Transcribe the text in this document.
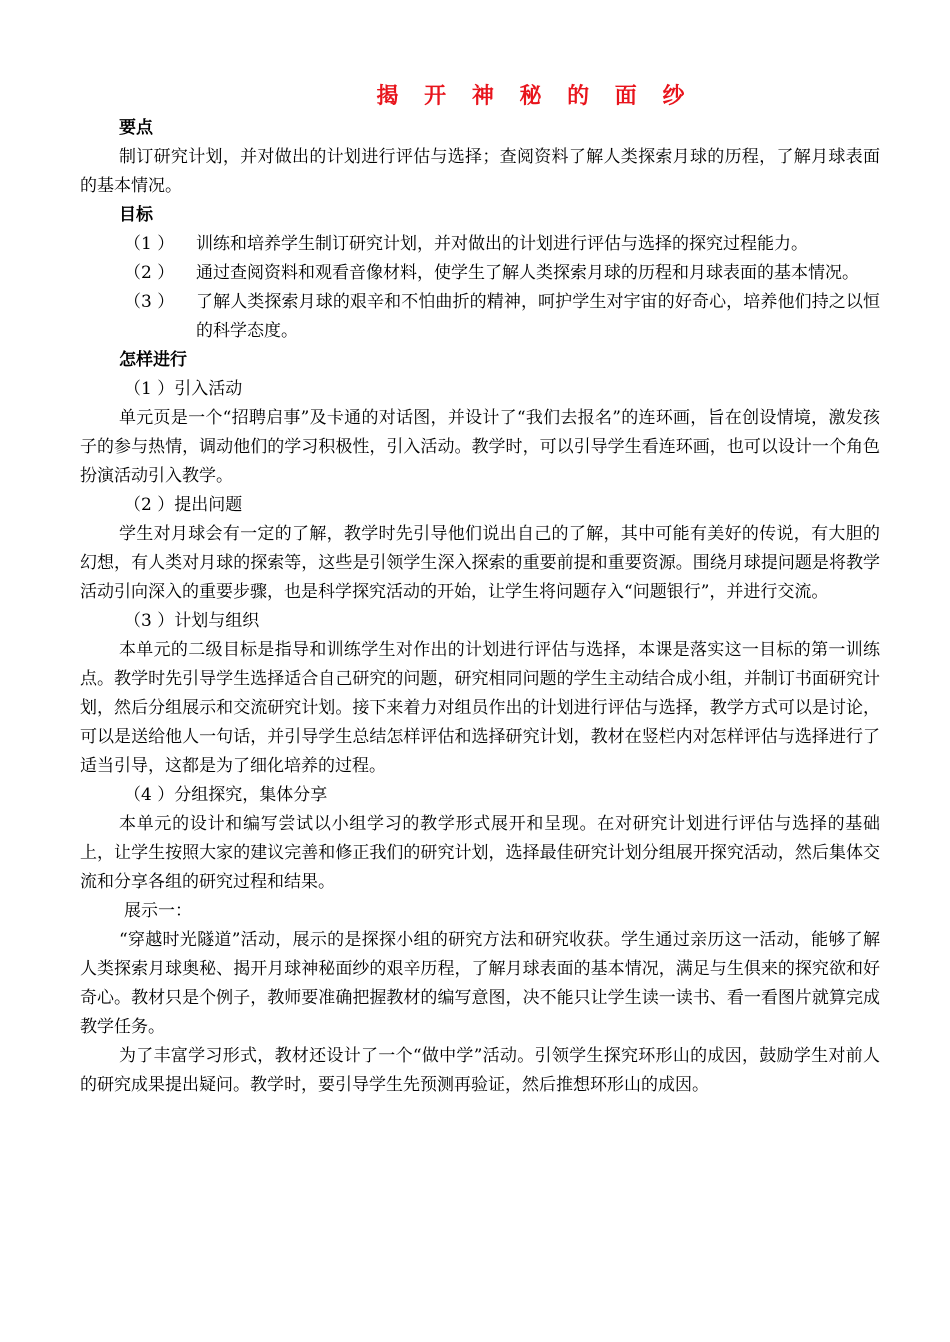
揭 开 神 秘 的 面 纱
要点

制订研究计划，并对做出的计划进行评估与选择；查阅资料了解人类探索月球的历程，了解月球表面的基本情况。

目标
（1 ）	训练和培养学生制订研究计划，并对做出的计划进行评估与选择的探究过程能力。
（2 ）	通过查阅资料和观看音像材料，使学生了解人类探索月球的历程和月球表面的基本情况。
（3 ）	了解人类探索月球的艰辛和不怕曲折的精神，呵护学生对宇宙的好奇心，培养他们持之以恒的科学态度。
怎样进行
（1 ）引入活动

单元页是一个“招聘启事”及卡通的对话图，并设计了“我们去报名”的连环画，旨在创设情境，激发孩子的参与热情，调动他们的学习积极性，引入活动。教学时，可以引导学生看连环画，也可以设计一个角色扮演活动引入教学。

（2 ）提出问题

学生对月球会有一定的了解，教学时先引导他们说出自己的了解，其中可能有美好的传说，有大胆的幻想，有人类对月球的探索等，这些是引领学生深入探索的重要前提和重要资源。围绕月球提问题是将教学活动引向深入的重要步骤，也是科学探究活动的开始，让学生将问题存入“问题银行”，并进行交流。

（3 ）计划与组织

本单元的二级目标是指导和训练学生对作出的计划进行评估与选择，本课是落实这一目标的第一训练点。教学时先引导学生选择适合自己研究的问题，研究相同问题的学生主动结合成小组，并制订书面研究计划，然后分组展示和交流研究计划。接下来着力对组员作出的计划进行评估与选择，教学方式可以是讨论，可以是送给他人一句话，并引导学生总结怎样评估和选择研究计划，教材在竖栏内对怎样评估与选择进行了适当引导，这都是为了细化培养的过程。

（4 ）分组探究，集体分享

本单元的设计和编写尝试以小组学习的教学形式展开和呈现。在对研究计划进行评估与选择的基础上，让学生按照大家的建议完善和修正我们的研究计划，选择最佳研究计划分组展开探究活动，然后集体交流和分享各组的研究过程和结果。

展示一：

“穿越时光隧道”活动，展示的是探探小组的研究方法和研究收获。学生通过亲历这一活动，能够了解人类探索月球奥秘、揭开月球神秘面纱的艰辛历程，了解月球表面的基本情况，满足与生俱来的探究欲和好奇心。教材只是个例子，教师要准确把握教材的编写意图，决不能只让学生读一读书、看一看图片就算完成教学任务。

为了丰富学习形式，教材还设计了一个“做中学”活动。引领学生探究环形山的成因，鼓励学生对前人的研究成果提出疑问。教学时，要引导学生先预测再验证，然后推想环形山的成因。
